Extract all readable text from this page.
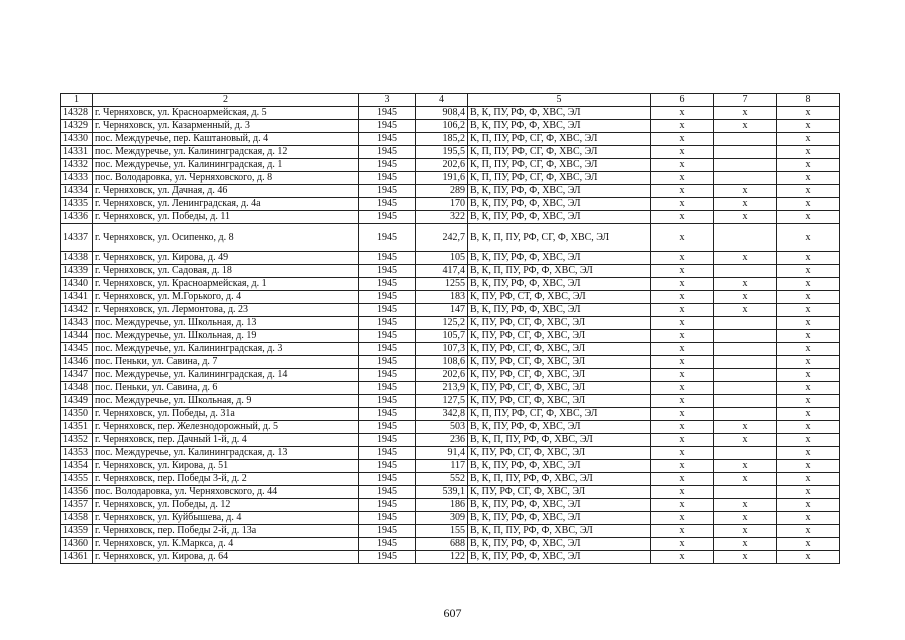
1	2	3	4	5	6	7	8
14328	г. Черняховск, ул. Красноармейская, д. 5	1945	908,4	В, К, ПУ, РФ, Ф, ХВС, ЭЛ	x	x	x
14329	г. Черняховск, ул. Казарменный, д. 3	1945	106,2	В, К, ПУ, РФ, Ф, ХВС, ЭЛ	x	x	x
14330	пос. Междуречье, пер. Каштановый, д. 4	1945	185,2	К, П, ПУ, РФ, СГ, Ф, ХВС, ЭЛ	x		x
14331	пос. Междуречье, ул. Калининградская, д. 12	1945	195,5	К, П, ПУ, РФ, СГ, Ф, ХВС, ЭЛ	x		x
14332	пос. Междуречье, ул. Калининградская, д. 1	1945	202,6	К, П, ПУ, РФ, СГ, Ф, ХВС, ЭЛ	x		x
14333	пос. Володаровка, ул. Черняховского, д. 8	1945	191,6	К, П, ПУ, РФ, СГ, Ф, ХВС, ЭЛ	x		x
14334	г. Черняховск, ул. Дачная, д. 46	1945	289	В, К, ПУ, РФ, Ф, ХВС, ЭЛ	x	x	x
14335	г. Черняховск, ул. Ленинградская, д. 4а	1945	170	В, К, ПУ, РФ, Ф, ХВС, ЭЛ	x	x	x
14336	г. Черняховск, ул. Победы, д. 11	1945	322	В, К, ПУ, РФ, Ф, ХВС, ЭЛ	x	x	x
14337	г. Черняховск, ул. Осипенко, д. 8	1945	242,7	В, К, П, ПУ, РФ, СГ, Ф, ХВС, ЭЛ	x		x
14338	г. Черняховск, ул. Кирова, д. 49	1945	105	В, К, ПУ, РФ, Ф, ХВС, ЭЛ	x	x	x
14339	г. Черняховск, ул. Садовая, д. 18	1945	417,4	В, К, П, ПУ, РФ, Ф, ХВС, ЭЛ	x		x
14340	г. Черняховск, ул. Красноармейская, д. 1	1945	1255	В, К, ПУ, РФ, Ф, ХВС, ЭЛ	x	x	x
14341	г. Черняховск, ул. М.Горького, д. 4	1945	183	К, ПУ, РФ, СТ, Ф, ХВС, ЭЛ	x	x	x
14342	г. Черняховск, ул. Лермонтова, д. 23	1945	147	В, К, ПУ, РФ, Ф, ХВС, ЭЛ	x	x	x
14343	пос. Междуречье, ул. Школьная, д. 13	1945	125,2	К, ПУ, РФ, СГ, Ф, ХВС, ЭЛ	x		x
14344	пос. Междуречье, ул. Школьная, д. 19	1945	105,7	К, ПУ, РФ, СГ, Ф, ХВС, ЭЛ	x		x
14345	пос. Междуречье, ул. Калининградская, д. 3	1945	107,3	К, ПУ, РФ, СГ, Ф, ХВС, ЭЛ	x		x
14346	пос. Пеньки, ул. Савина, д. 7	1945	108,6	К, ПУ, РФ, СГ, Ф, ХВС, ЭЛ	x		x
14347	пос. Междуречье, ул. Калининградская, д. 14	1945	202,6	К, ПУ, РФ, СГ, Ф, ХВС, ЭЛ	x		x
14348	пос. Пеньки, ул. Савина, д. 6	1945	213,9	К, ПУ, РФ, СГ, Ф, ХВС, ЭЛ	x		x
14349	пос. Междуречье, ул. Школьная, д. 9	1945	127,5	К, ПУ, РФ, СГ, Ф, ХВС, ЭЛ	x		x
14350	г. Черняховск, ул. Победы, д. 31а	1945	342,8	К, П, ПУ, РФ, СГ, Ф, ХВС, ЭЛ	x		x
14351	г. Черняховск, пер. Железнодорожный, д. 5	1945	503	В, К, ПУ, РФ, Ф, ХВС, ЭЛ	x	x	x
14352	г. Черняховск, пер. Дачный 1-й, д. 4	1945	236	В, К, П, ПУ, РФ, Ф, ХВС, ЭЛ	x	x	x
14353	пос. Междуречье, ул. Калининградская, д. 13	1945	91,4	К, ПУ, РФ, СГ, Ф, ХВС, ЭЛ	x		x
14354	г. Черняховск, ул. Кирова, д. 51	1945	117	В, К, ПУ, РФ, Ф, ХВС, ЭЛ	x	x	x
14355	г. Черняховск, пер. Победы 3-й, д. 2	1945	552	В, К, П, ПУ, РФ, Ф, ХВС, ЭЛ	x	x	x
14356	пос. Володаровка, ул. Черняховского, д. 44	1945	539,1	К, ПУ, РФ, СГ, Ф, ХВС, ЭЛ	x		x
14357	г. Черняховск, ул. Победы, д. 12	1945	186	В, К, ПУ, РФ, Ф, ХВС, ЭЛ	x	x	x
14358	г. Черняховск, ул. Куйбышева, д. 4	1945	309	В, К, ПУ, РФ, Ф, ХВС, ЭЛ	x	x	x
14359	г. Черняховск, пер. Победы 2-й, д. 13а	1945	155	В, К, П, ПУ, РФ, Ф, ХВС, ЭЛ	x	x	x
14360	г. Черняховск, ул. К.Маркса, д. 4	1945	688	В, К, ПУ, РФ, Ф, ХВС, ЭЛ	x	x	x
14361	г. Черняховск, ул. Кирова, д. 64	1945	122	В, К, ПУ, РФ, Ф, ХВС, ЭЛ	x	x	x
607
